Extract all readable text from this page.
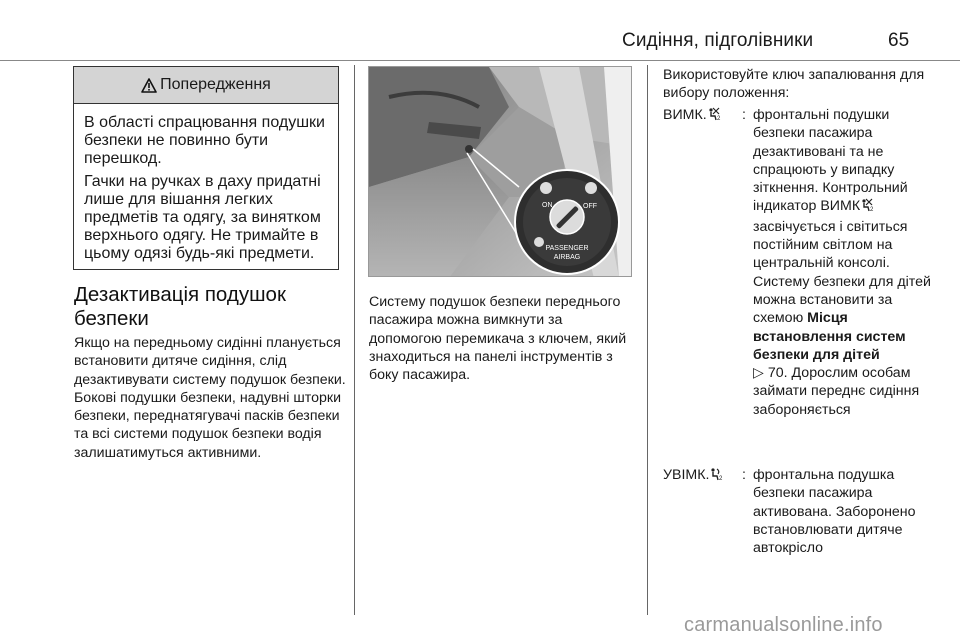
Сидіння, підголівники	65
Попередження

В області спрацювання подушки безпеки не повинно бути перешкод.

Гачки на ручках в даху придатні лише для вішання легких предметів та одягу, за винятком верхнього одягу. Не тримайте в цьому одязі будь-які предмети.

Дезактивація подушок безпеки

Якщо на передньому сидінні планується встановити дитяче сидіння, слід дезактивувати систему подушок безпеки. Бокові подушки безпеки, надувні шторки безпеки, переднатягувачі пасків безпеки та всі системи подушок безпеки водія залишатимуться активними.

ON	OFF
PASSENGER
AIRBAG

Систему подушок безпеки переднього пасажира можна вимкнути за допомогою перемикача з ключем, який знаходиться на панелі інструментів з боку пасажира.

Використовуйте ключ запалювання для вибору положення:

ВИМК. 2 : фронтальні подушки безпеки пасажира дезактивовані та не спрацюють у випадку зіткнення. Контрольний індикатор ВИМК 2
засвічується і світиться постійним світлом на центральній консолі. Систему безпеки для дітей можна встановити за схемою Місця встановлення систем безпеки для дітей
▷ 70. Дорослим особам займати переднє сидіння забороняється
УВІМК. 2 : фронтальна подушка безпеки пасажира активована. Заборонено встановлювати дитяче автокрісло
carmanualsonline.info
